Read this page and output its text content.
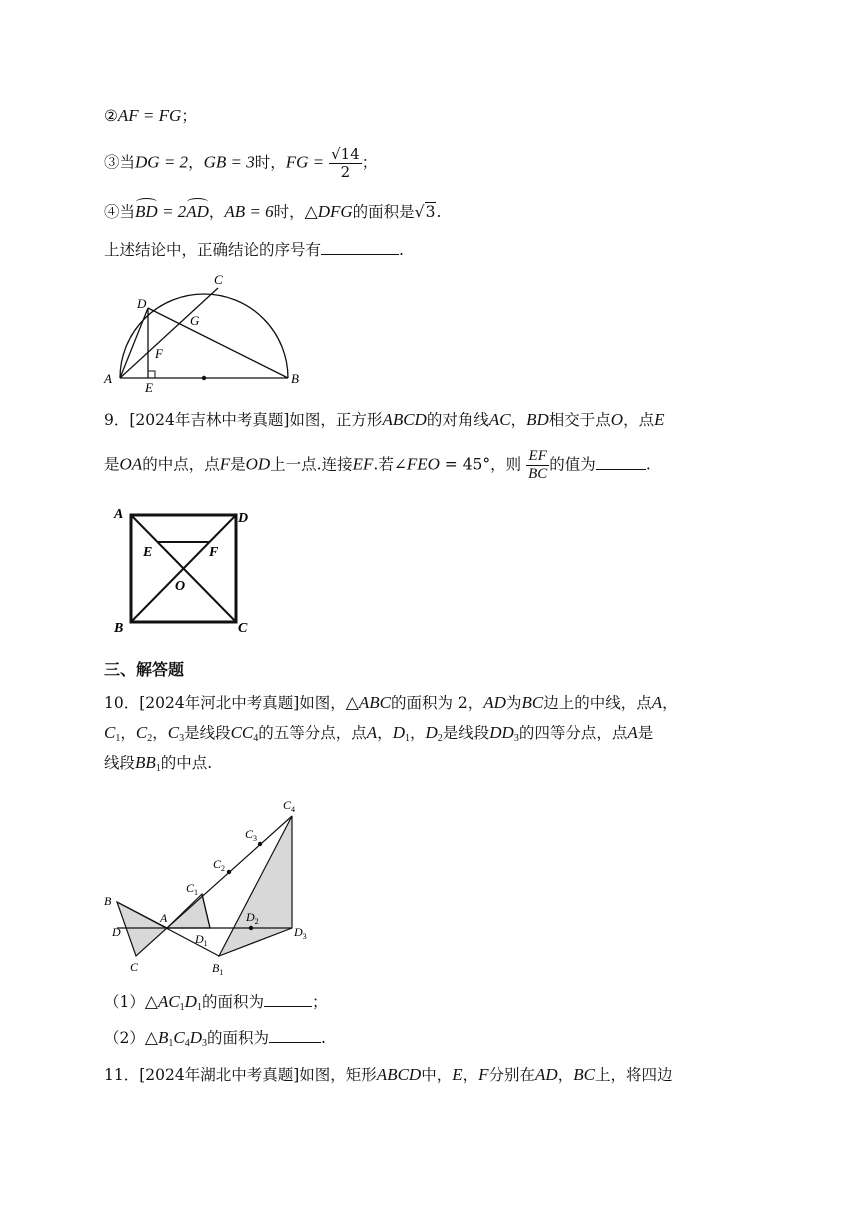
②AF = FG；
③当DG = 2，GB = 3时，FG = $\frac{√14}{2}$ ；
④当BD = 2AD，AB = 6时，△DFG的面积是√3.
上述结论中，正确结论的序号有	.
D
C
G
F
A
E
B
9．[2024年吉林中考真题]如图，正方形ABCD的对角线AC，BD相交于点O，点E
是OA的中点，点F是OD上一点.连接EF.若∠FEO = 45°，则 $\frac{EF}{BC}$ 的值为	.
A	D
E	F
O
B	C
三、解答题
10．[2024年河北中考真题]如图，△ABC的面积为 2，AD为BC边上的中线，点A，
$C_1$，$C_2$，$C_3$是线段$CC_4$的五等分点，点A，$D_1$，$D_2$是线段$DD_3$的四等分点，点A是
线段$BB_1$的中点.
B
D
C
A
$C_1$
$C_2$
$C_3$
$C_4$
$D_1$
$D_2$
$D_3$
$B_1$
$(1)\triangle AC_1D_1$的面积为	；
$(2)\triangle B_1C_4D_3$的面积为	.
11．[2024年湖北中考真题]如图，矩形ABCD中，E，F分别在AD，BC上，将四边
